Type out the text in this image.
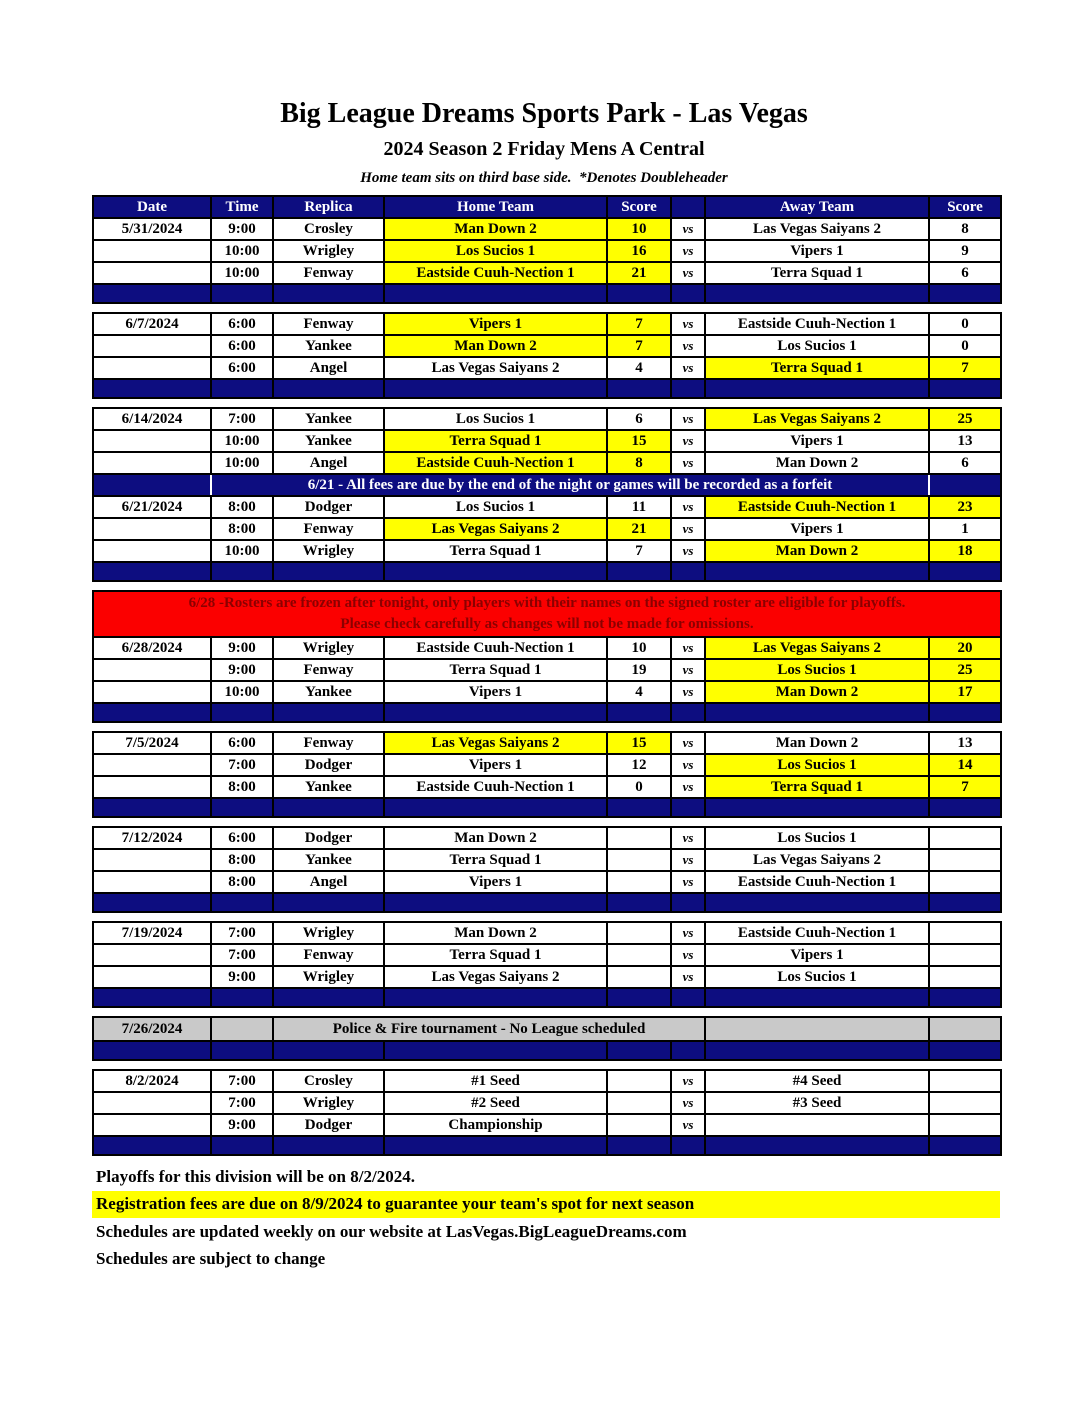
Big League Dreams Sports Park - Las Vegas
2024 Season 2 Friday Mens A Central
Home team sits on third base side.  *Denotes Doubleheader
Date	Time	Replica	Home Team	Score		Away Team	Score
5/31/2024	9:00	Crosley	Man Down 2	10	vs	Las Vegas Saiyans 2	8
	10:00	Wrigley	Los Sucios 1	16	vs	Vipers 1	9
	10:00	Fenway	Eastside Cuuh-Nection 1	21	vs	Terra Squad 1	6

6/7/2024	6:00	Fenway	Vipers 1	7	vs	Eastside Cuuh-Nection 1	0
	6:00	Yankee	Man Down 2	7	vs	Los Sucios 1	0
	6:00	Angel	Las Vegas Saiyans 2	4	vs	Terra Squad 1	7

6/14/2024	7:00	Yankee	Los Sucios 1	6	vs	Las Vegas Saiyans 2	25
	10:00	Yankee	Terra Squad 1	15	vs	Vipers 1	13
	10:00	Angel	Eastside Cuuh-Nection 1	8	vs	Man Down 2	6
	6/21 - All fees are due by the end of the night or games will be recorded as a forfeit						
6/21/2024	8:00	Dodger	Los Sucios 1	11	vs	Eastside Cuuh-Nection 1	23
	8:00	Fenway	Las Vegas Saiyans 2	21	vs	Vipers 1	1
	10:00	Wrigley	Terra Squad 1	7	vs	Man Down 2	18

6/28 -Rosters are frozen after tonight, only players with their names on the signed roster are eligible for playoffs.
Please check carefully as changes will not be made for omissions.							

6/28/2024	9:00	Wrigley	Eastside Cuuh-Nection 1	10	vs	Las Vegas Saiyans 2	20
	9:00	Fenway	Terra Squad 1	19	vs	Los Sucios 1	25
	10:00	Yankee	Vipers 1	4	vs	Man Down 2	17

7/5/2024	6:00	Fenway	Las Vegas Saiyans 2	15	vs	Man Down 2	13
	7:00	Dodger	Vipers 1	12	vs	Los Sucios 1	14
	8:00	Yankee	Eastside Cuuh-Nection 1	0	vs	Terra Squad 1	7

7/12/2024	6:00	Dodger	Man Down 2		vs	Los Sucios 1	
	8:00	Yankee	Terra Squad 1		vs	Las Vegas Saiyans 2	
	8:00	Angel	Vipers 1		vs	Eastside Cuuh-Nection 1	

7/19/2024	7:00	Wrigley	Man Down 2		vs	Eastside Cuuh-Nection 1	
	7:00	Fenway	Terra Squad 1		vs	Vipers 1	
	9:00	Wrigley	Las Vegas Saiyans 2		vs	Los Sucios 1	

7/26/2024		Police & Fire tournament - No League scheduled					

8/2/2024	7:00	Crosley	#1 Seed		vs	#4 Seed	
	7:00	Wrigley	#2 Seed		vs	#3 Seed	
	9:00	Dodger	Championship		vs		

Playoffs for this division will be on 8/2/2024.
Registration fees are due on 8/9/2024 to guarantee your team's spot for next season
Schedules are updated weekly on our website at LasVegas.BigLeagueDreams.com
Schedules are subject to change
